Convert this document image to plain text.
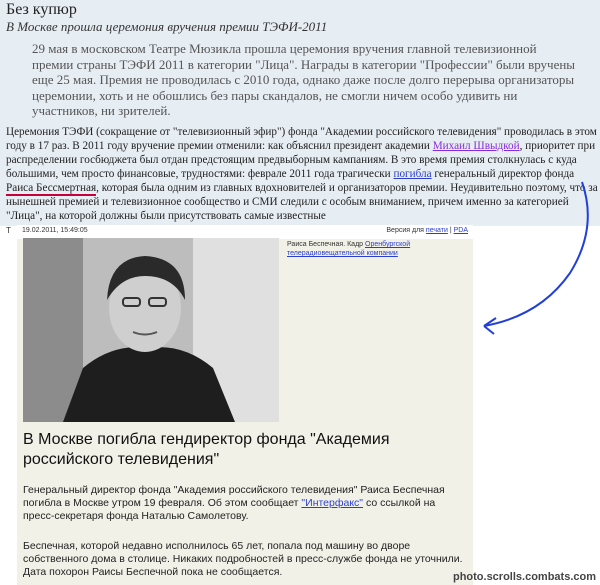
Без купюр
В Москве прошла церемония вручения премии ТЭФИ-2011
29 мая в московском Театре Мюзикла прошла церемония вручения главной телевизионной премии страны ТЭФИ 2011 в категории "Лица". Награды в категории "Профессии" были вручены еще 25 мая. Премия не проводилась с 2010 года, однако даже после долго перерыва организаторы церемонии, хоть и не обошлись без пары скандалов, не смогли ничем особо удивить ни участников, ни зрителей.
Церемония ТЭФИ (сокращение от "телевизионный эфир") фонда "Академии российского телевидения" проводилась в этом году в 17 раз. В 2011 году вручение премии отменили: как объяснил президент академии Михаил Швыдкой, приоритет при распределении госбюджета был отдан предстоящим предвыборным кампаниям. В это время премия столкнулась с куда большими, чем просто финансовые, трудностями: феврале 2011 года трагически погибла генеральный директор фонда Раиса Бессмертная, которая была одним из главных вдохновителей и организаторов премии. Неудивительно поэтому, что за нынешней премией и телевизионное сообщество и СМИ следили с особым вниманием, причем именно за категорией "Лица", на которой должны были присутствовать самые известные
Т 19.02.2011, 15:49:05	Версия для печати | PDA
Раиса Беспечная. Кадр Оренбургской телерадиовещательной компании
В Москве погибла гендиректор фонда "Академия российского телевидения"
Генеральный директор фонда "Академия российского телевидения" Раиса Беспечная погибла в Москве утром 19 февраля. Об этом сообщает "Интерфакс" со ссылкой на пресс-секретаря фонда Наталью Самолетову.
Беспечная, которой недавно исполнилось 65 лет, попала под машину во дворе собственного дома в столице. Никаких подробностей в пресс-службе фонда не уточнили. Дата похорон Раисы Беспечной пока не сообщается.	photo.scrolls.combats.com
